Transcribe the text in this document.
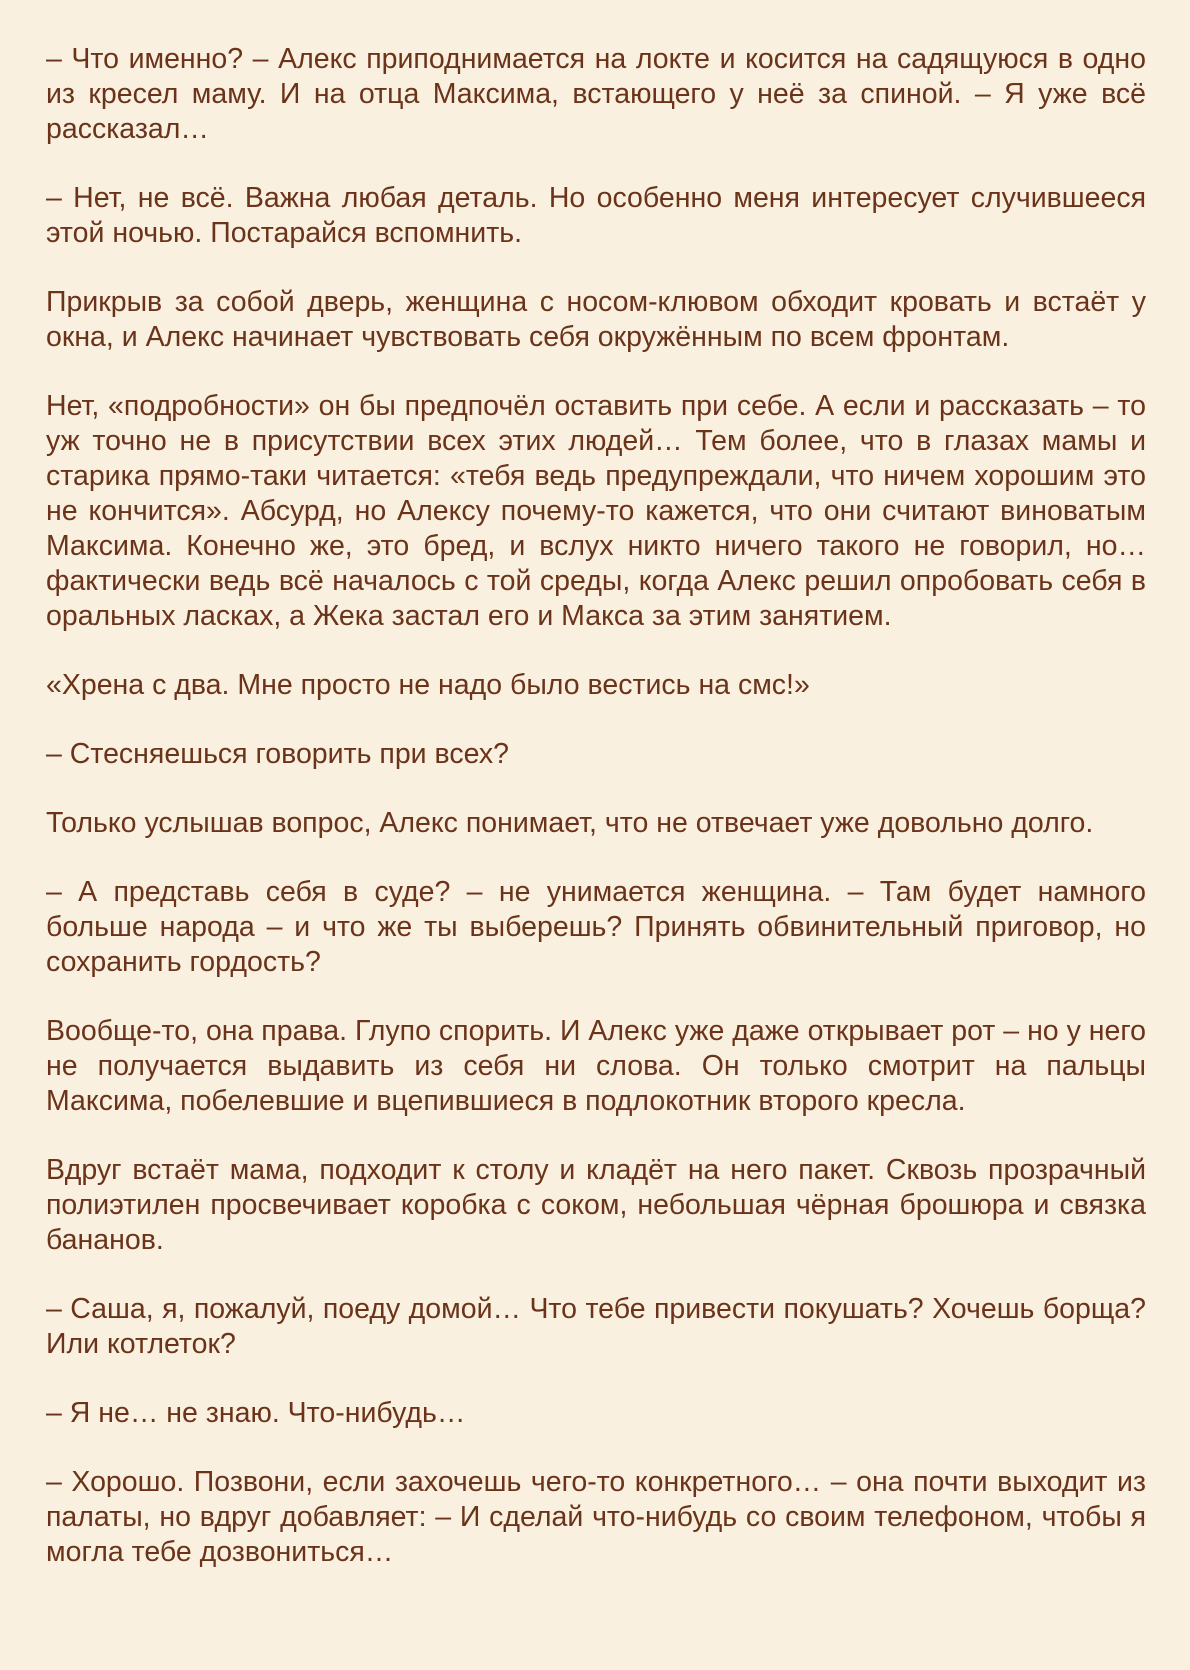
– Что именно? – Алекс приподнимается на локте и косится на садящуюся в одно из кресел маму. И на отца Максима, встающего у неё за спиной. – Я уже всё рассказал…

– Нет, не всё. Важна любая деталь. Но особенно меня интересует случившееся этой ночью. Постарайся вспомнить.

Прикрыв за собой дверь, женщина с носом-клювом обходит кровать и встаёт у окна, и Алекс начинает чувствовать себя окружённым по всем фронтам.

Нет, «подробности» он бы предпочёл оставить при себе. А если и рассказать – то уж точно не в присутствии всех этих людей… Тем более, что в глазах мамы и старика прямо-таки читается: «тебя ведь предупреждали, что ничем хорошим это не кончится». Абсурд, но Алексу почему-то кажется, что они считают виноватым Максима. Конечно же, это бред, и вслух никто ничего такого не говорил, но… фактически ведь всё началось с той среды, когда Алекс решил опробовать себя в оральных ласках, а Жека застал его и Макса за этим занятием.

«Хрена с два. Мне просто не надо было вестись на смс!»

– Стесняешься говорить при всех?

Только услышав вопрос, Алекс понимает, что не отвечает уже довольно долго.

– А представь себя в суде? – не унимается женщина. – Там будет намного больше народа – и что же ты выберешь? Принять обвинительный приговор, но сохранить гордость?

Вообще-то, она права. Глупо спорить. И Алекс уже даже открывает рот – но у него не получается выдавить из себя ни слова. Он только смотрит на пальцы Максима, побелевшие и вцепившиеся в подлокотник второго кресла.

Вдруг встаёт мама, подходит к столу и кладёт на него пакет. Сквозь прозрачный полиэтилен просвечивает коробка с соком, небольшая чёрная брошюра и связка бананов.

– Саша, я, пожалуй, поеду домой… Что тебе привести покушать? Хочешь борща? Или котлеток?

– Я не… не знаю. Что-нибудь…

– Хорошо. Позвони, если захочешь чего-то конкретного… – она почти выходит из палаты, но вдруг добавляет: – И сделай что-нибудь со своим телефоном, чтобы я могла тебе дозвониться…
